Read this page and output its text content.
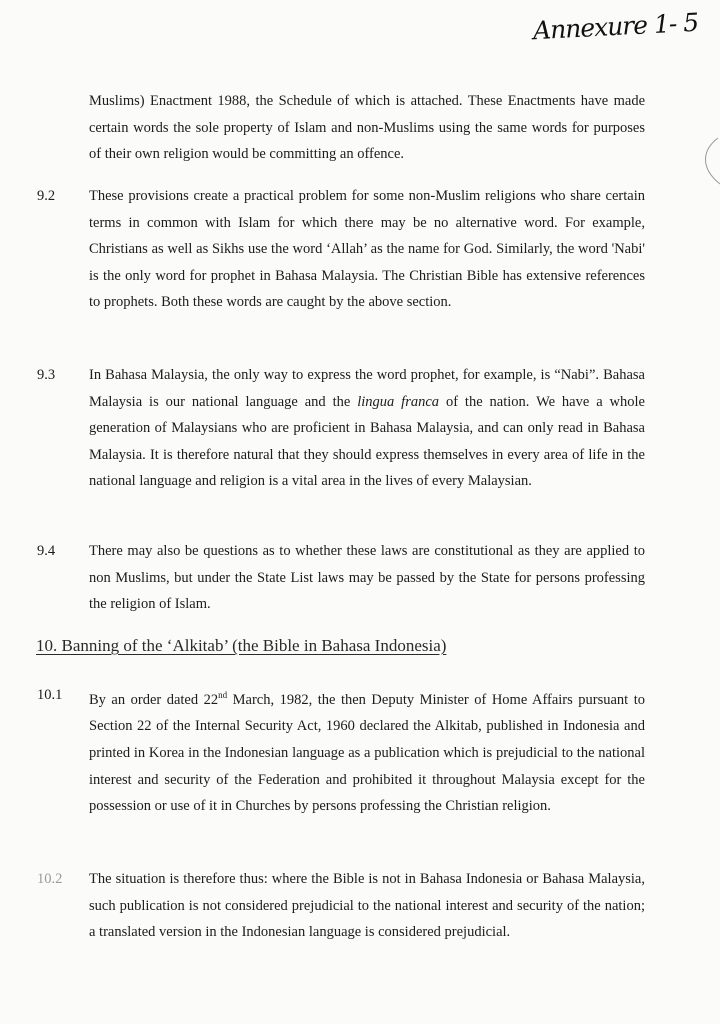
Annexure 1- 5
Muslims) Enactment 1988, the Schedule of which is attached. These Enactments have made certain words the sole property of Islam and non-Muslims using the same words for purposes of their own religion would be committing an offence.
9.2 These provisions create a practical problem for some non-Muslim religions who share certain terms in common with Islam for which there may be no alternative word. For example, Christians as well as Sikhs use the word ‘Allah’ as the name for God. Similarly, the word 'Nabi' is the only word for prophet in Bahasa Malaysia. The Christian Bible has extensive references to prophets. Both these words are caught by the above section.
9.3 In Bahasa Malaysia, the only way to express the word prophet, for example, is “Nabi”. Bahasa Malaysia is our national language and the lingua franca of the nation. We have a whole generation of Malaysians who are proficient in Bahasa Malaysia, and can only read in Bahasa Malaysia. It is therefore natural that they should express themselves in every area of life in the national language and religion is a vital area in the lives of every Malaysian.
9.4 There may also be questions as to whether these laws are constitutional as they are applied to non Muslims, but under the State List laws may be passed by the State for persons professing the religion of Islam.
10. Banning of the ‘Alkitab’ (the Bible in Bahasa Indonesia)
10.1 By an order dated 22nd March, 1982, the then Deputy Minister of Home Affairs pursuant to Section 22 of the Internal Security Act, 1960 declared the Alkitab, published in Indonesia and printed in Korea in the Indonesian language as a publication which is prejudicial to the national interest and security of the Federation and prohibited it throughout Malaysia except for the possession or use of it in Churches by persons professing the Christian religion.
10.2 The situation is therefore thus: where the Bible is not in Bahasa Indonesia or Bahasa Malaysia, such publication is not considered prejudicial to the national interest and security of the nation; a translated version in the Indonesian language is considered prejudicial.
